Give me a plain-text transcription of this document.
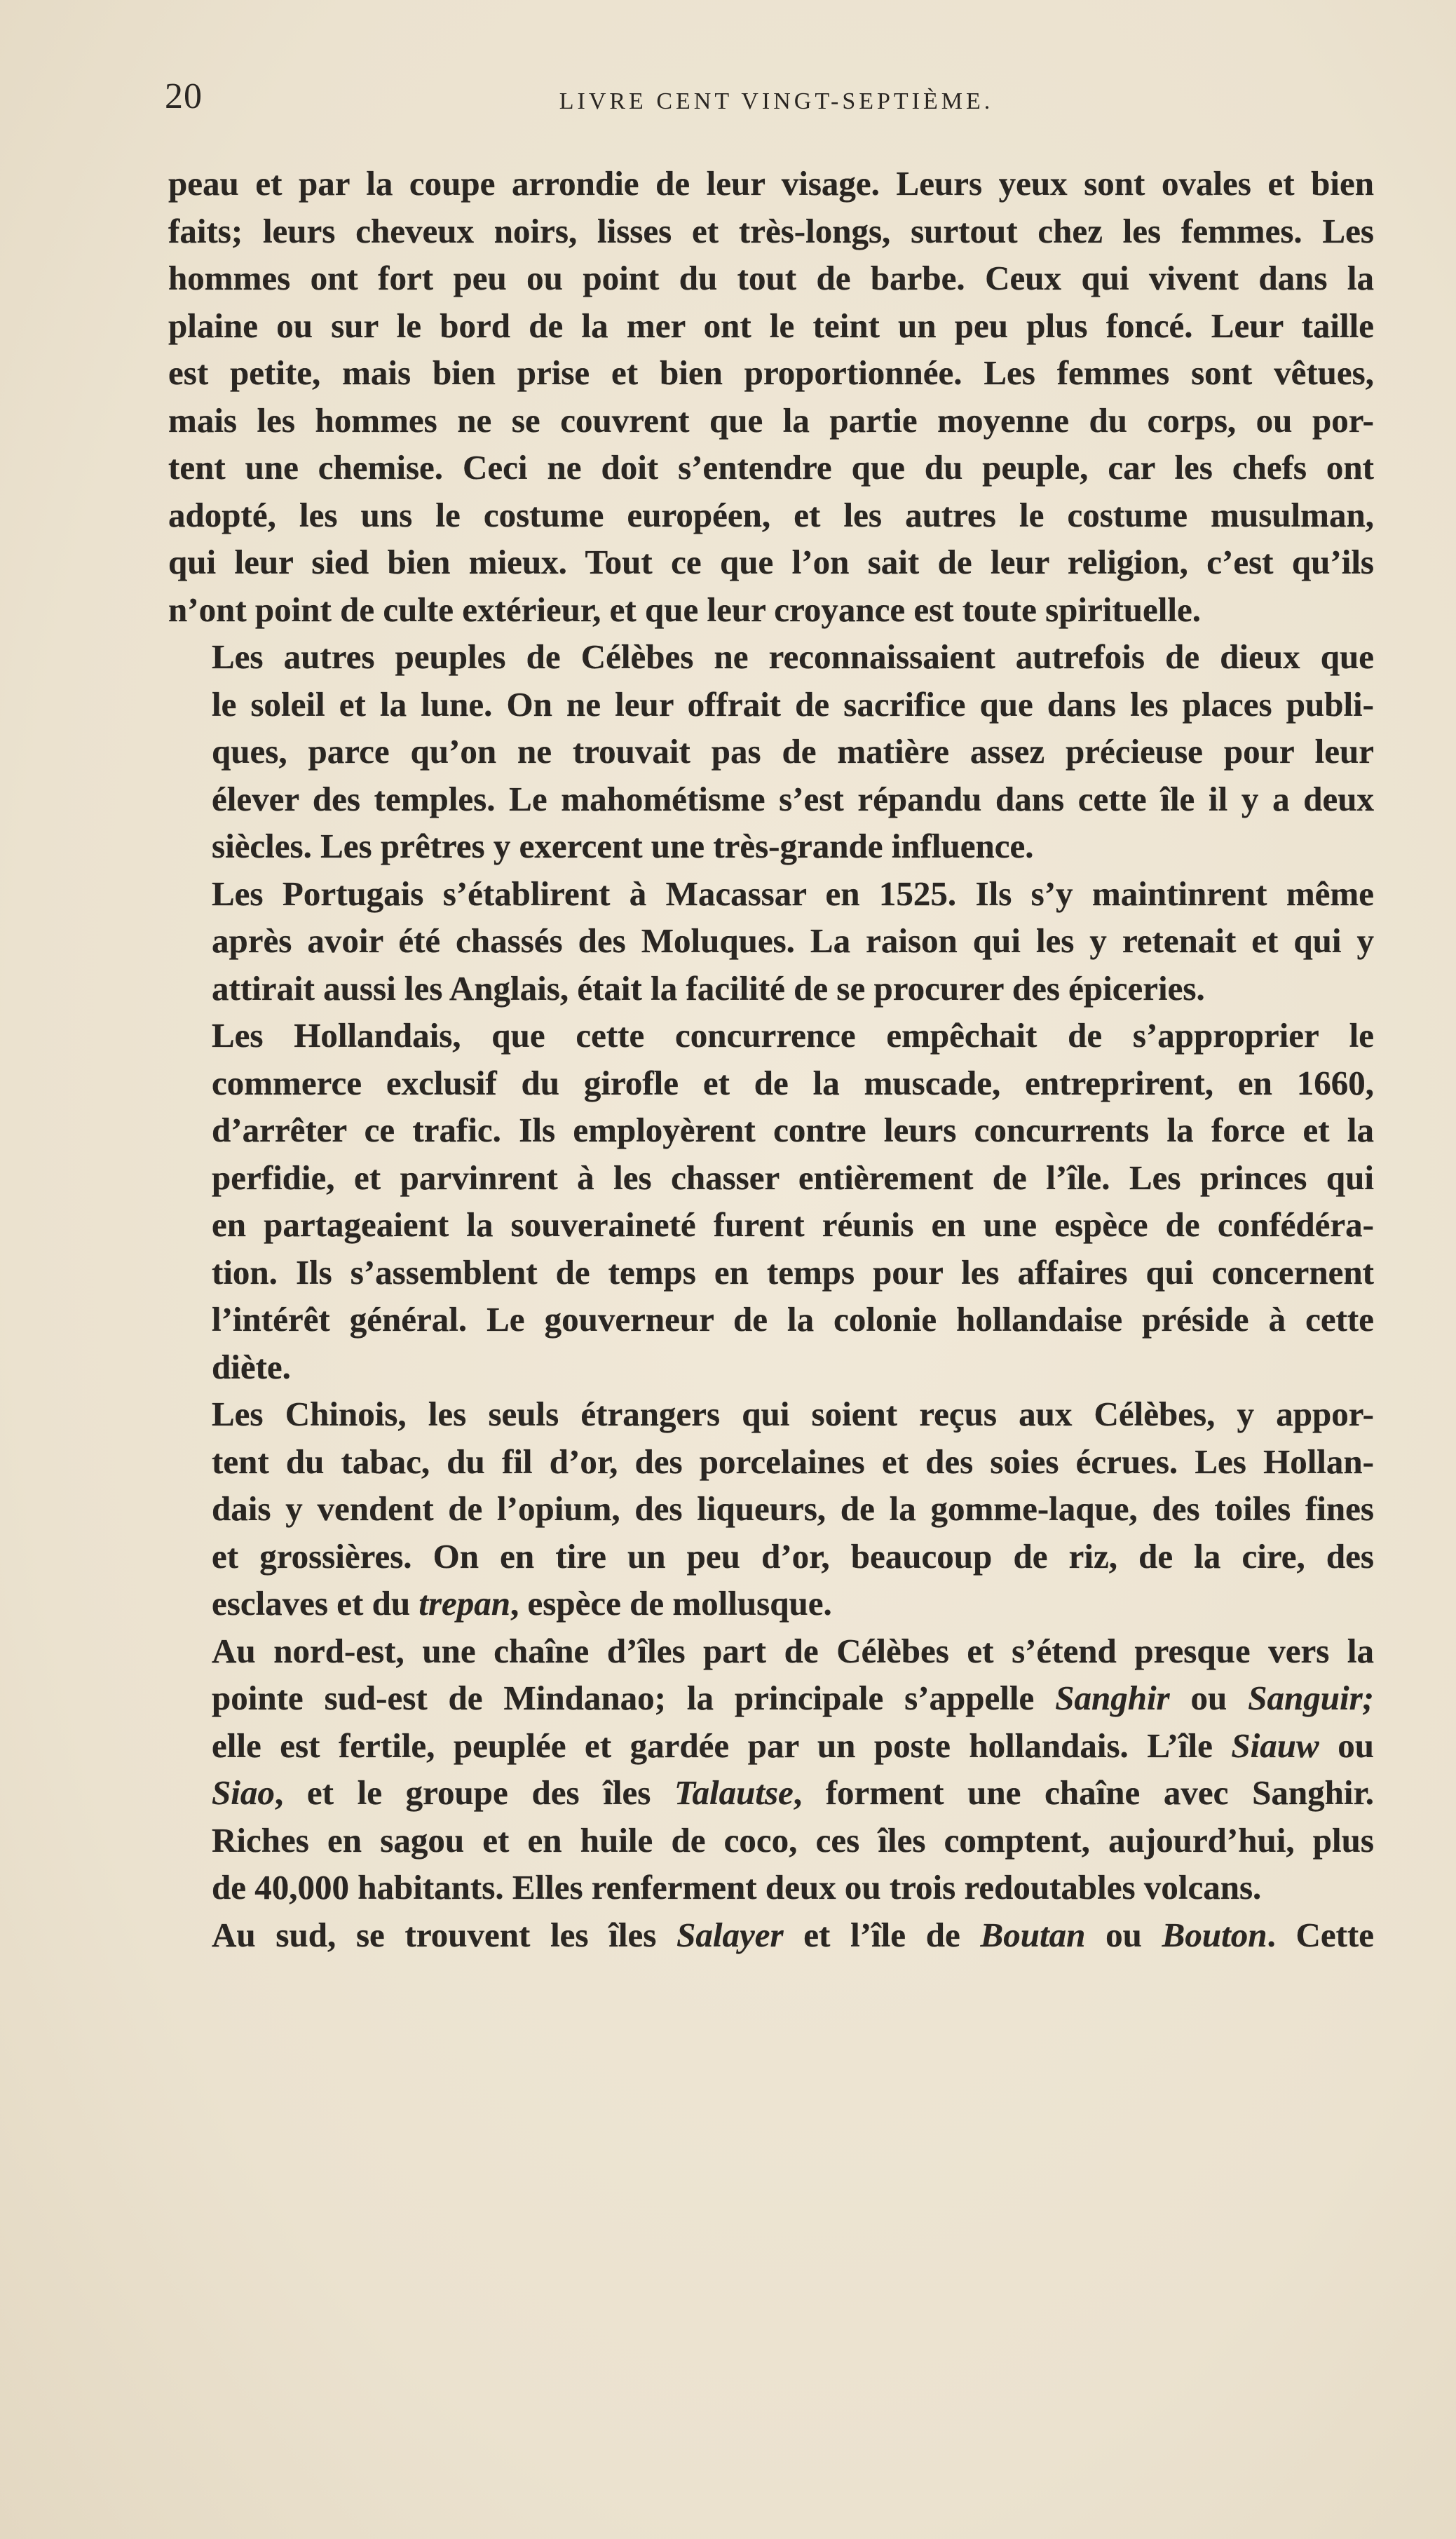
20	LIVRE CENT VINGT-SEPTIÈME.

peau et par la coupe arrondie de leur visage. Leurs yeux sont ovales et bien
faits; leurs cheveux noirs, lisses et très-longs, surtout chez les femmes. Les
hommes ont fort peu ou point du tout de barbe. Ceux qui vivent dans la
plaine ou sur le bord de la mer ont le teint un peu plus foncé. Leur taille
est petite, mais bien prise et bien proportionnée. Les femmes sont vêtues,
mais les hommes ne se couvrent que la partie moyenne du corps, ou por-
tent une chemise. Ceci ne doit s’entendre que du peuple, car les chefs ont
adopté, les uns le costume européen, et les autres le costume musulman,
qui leur sied bien mieux. Tout ce que l’on sait de leur religion, c’est qu’ils
n’ont point de culte extérieur, et que leur croyance est toute spirituelle.

Les autres peuples de Célèbes ne reconnaissaient autrefois de dieux que
le soleil et la lune. On ne leur offrait de sacrifice que dans les places publi-
ques, parce qu’on ne trouvait pas de matière assez précieuse pour leur
élever des temples. Le mahométisme s’est répandu dans cette île il y a deux
siècles. Les prêtres y exercent une très-grande influence.

Les Portugais s’établirent à Macassar en 1525. Ils s’y maintinrent même
après avoir été chassés des Moluques. La raison qui les y retenait et qui y
attirait aussi les Anglais, était la facilité de se procurer des épiceries.

Les Hollandais, que cette concurrence empêchait de s’approprier le
commerce exclusif du girofle et de la muscade, entreprirent, en 1660,
d’arrêter ce trafic. Ils employèrent contre leurs concurrents la force et la
perfidie, et parvinrent à les chasser entièrement de l’île. Les princes qui
en partageaient la souveraineté furent réunis en une espèce de confédéra-
tion. Ils s’assemblent de temps en temps pour les affaires qui concernent
l’intérêt général. Le gouverneur de la colonie hollandaise préside à cette
diète.

Les Chinois, les seuls étrangers qui soient reçus aux Célèbes, y appor-
tent du tabac, du fil d’or, des porcelaines et des soies écrues. Les Hollan-
dais y vendent de l’opium, des liqueurs, de la gomme-laque, des toiles fines
et grossières. On en tire un peu d’or, beaucoup de riz, de la cire, des
esclaves et du trepan, espèce de mollusque.

Au nord-est, une chaîne d’îles part de Célèbes et s’étend presque vers la
pointe sud-est de Mindanao; la principale s’appelle Sanghir ou Sanguir;
elle est fertile, peuplée et gardée par un poste hollandais. L’île Siauw ou
Siao, et le groupe des îles Talautse, forment une chaîne avec Sanghir.
Riches en sagou et en huile de coco, ces îles comptent, aujourd’hui, plus
de 40,000 habitants. Elles renferment deux ou trois redoutables volcans.

Au sud, se trouvent les îles Salayer et l’île de Boutan ou Bouton. Cette
